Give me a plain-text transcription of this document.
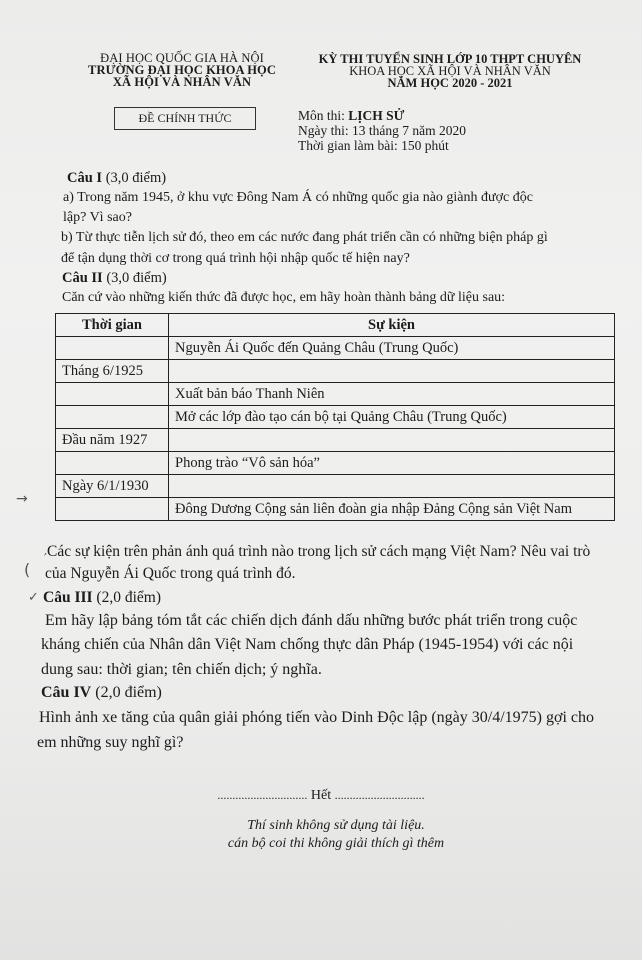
ĐẠI HỌC QUỐC GIA HÀ NỘI
TRƯỜNG ĐẠI HỌC KHOA HỌC
XÃ HỘI VÀ NHÂN VĂN
KỲ THI TUYỂN SINH LỚP 10 THPT CHUYÊN
KHOA HỌC XÃ HỘI VÀ NHÂN VĂN
NĂM HỌC 2020 - 2021
ĐỀ CHÍNH THỨC	Môn thi: LỊCH SỬ
Ngày thi: 13 tháng 7 năm 2020
Thời gian làm bài: 150 phút
Câu I (3,0 điểm)
a) Trong năm 1945, ở khu vực Đông Nam Á có những quốc gia nào giành được độc
lập? Vì sao?
b) Từ thực tiễn lịch sử đó, theo em các nước đang phát triển cần có những biện pháp gì
để tận dụng thời cơ trong quá trình hội nhập quốc tế hiện nay?
Câu II (3,0 điểm)
Căn cứ vào những kiến thức đã được học, em hãy hoàn thành bảng dữ liệu sau:
Thời gian	Sự kiện
	Nguyễn Ái Quốc đến Quảng Châu (Trung Quốc)
Tháng 6/1925	
	Xuất bản báo Thanh Niên
	Mở các lớp đào tạo cán bộ tại Quảng Châu (Trung Quốc)
Đầu năm 1927	
	Phong trào “Vô sản hóa”
Ngày 6/1/1930	
	Đông Dương Cộng sản liên đoàn gia nhập Đảng Cộng sản Việt Nam
→
′
(
✓
Các sự kiện trên phản ánh quá trình nào trong lịch sử cách mạng Việt Nam? Nêu vai trò
của Nguyễn Ái Quốc trong quá trình đó.
Câu III (2,0 điểm)
Em hãy lập bảng tóm tắt các chiến dịch đánh dấu những bước phát triển trong cuộc
kháng chiến của Nhân dân Việt Nam chống thực dân Pháp (1945-1954) với các nội
dung sau: thời gian; tên chiến dịch; ý nghĩa.
Câu IV (2,0 điểm)
Hình ảnh xe tăng của quân giải phóng tiến vào Dinh Độc lập (ngày 30/4/1975) gợi cho
em những suy nghĩ gì?
.............................. Hết ..............................
Thí sinh không sử dụng tài liệu.
cán bộ coi thi không giải thích gì thêm
